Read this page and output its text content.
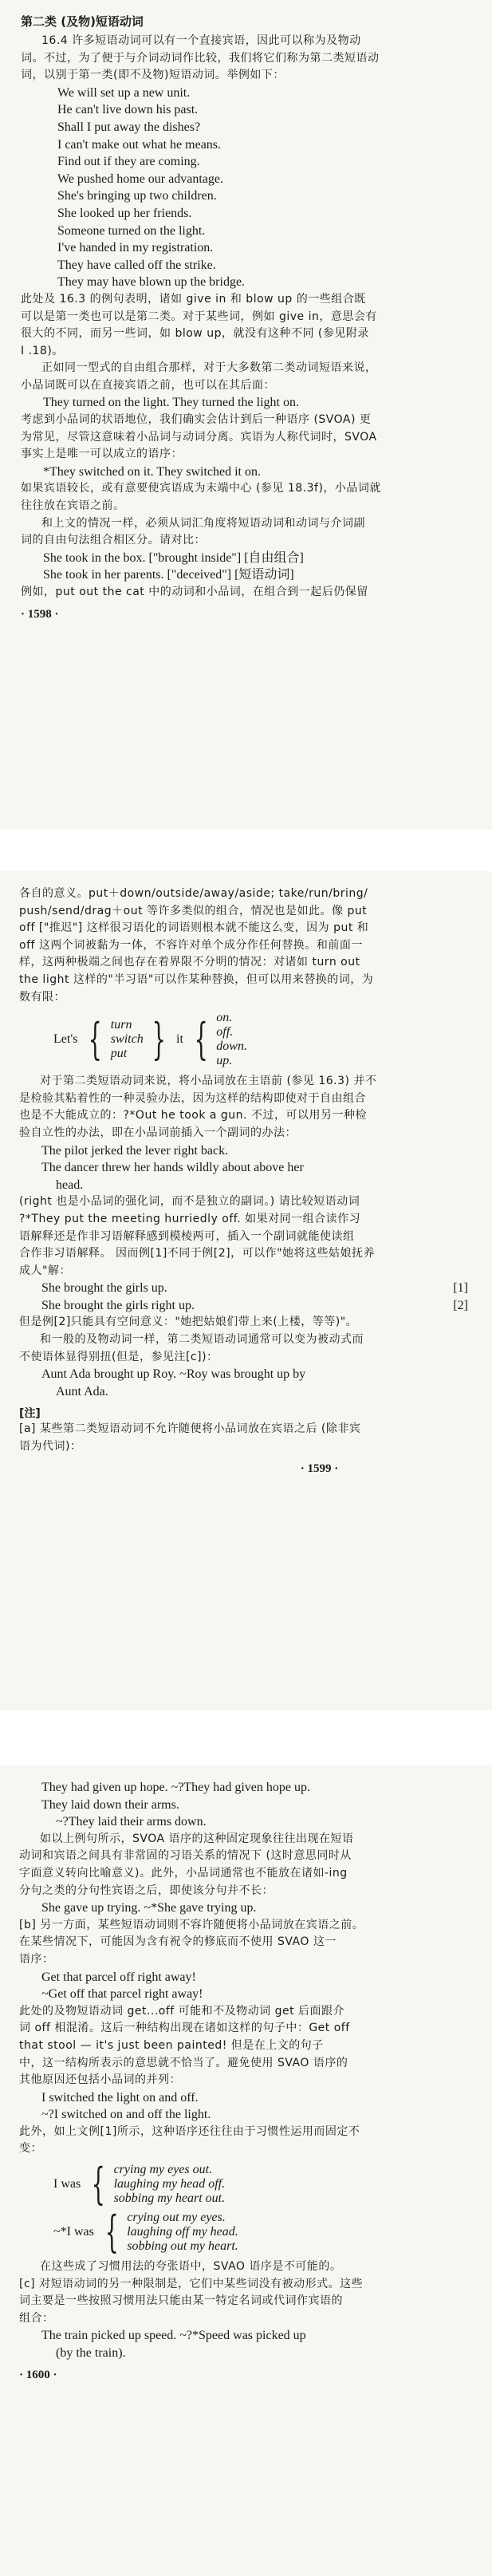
第二类 (及物)短语动词
16.4 许多短语动词可以有一个直接宾语，因此可以称为及物动
词。不过，为了便于与介词动词作比较，我们将它们称为第二类短语动
词，以别于第一类(即不及物)短语动词。举例如下：
We will set up a new unit.
He can't live down his past.
Shall I put away the dishes?
I can't make out what he means.
Find out if they are coming.
We pushed home our advantage.
She's bringing up two children.
She looked up her friends.
Someone turned on the light.
I've handed in my registration.
They have called off the strike.
They may have blown up the bridge.
此处及 16.3 的例句表明，诸如 give in 和 blow up 的一些组合既
可以是第一类也可以是第二类。对于某些词，例如 give in，意思会有
很大的不同，而另一些词，如 blow up，就没有这种不同 (参见附录
I .18)。
正如同一型式的自由组合那样，对于大多数第二类动词短语来说，
小品词既可以在直接宾语之前，也可以在其后面：
They turned on the light. They turned the light on.
考虑到小品词的状语地位，我们确实会估计到后一种语序 (SVOA) 更
为常见，尽管这意味着小品词与动词分离。宾语为人称代词时，SVOA
事实上是唯一可以成立的语序：
*They switched on it. They switched it on.
如果宾语较长，或有意要使宾语成为末端中心 (参见 18.3f)，小品词就
往往放在宾语之前。
和上文的情况一样，必须从词汇角度将短语动词和动词与介词副
词的自由句法组合相区分。请对比：
She took in the box. ["brought inside"] [自由组合]
She took in her parents. ["deceived"] [短语动词]
例如，put out the cat 中的动词和小品词，在组合到一起后仍保留
· 1598 ·
各自的意义。put＋down/outside/away/aside; take/run/bring/
push/send/drag＋out 等许多类似的组合，情况也是如此。像 put
off ["推迟"] 这样很习语化的词语则根本就不能这么变，因为 put 和
off 这两个词被黏为一体，不容许对单个成分作任何替换。和前面一
样，这两种极端之间也存在着界限不分明的情况：对诸如 turn out
the light 这样的"半习语"可以作某种替换，但可以用来替换的词，为
数有限：
Let's { turn
switch
put } it { on.
off.
down.
up.
对于第二类短语动词来说，将小品词放在主语前 (参见 16.3) 并不
是检验其粘着性的一种灵验办法，因为这样的结构即使对于自由组合
也是不大能成立的：?*Out he took a gun. 不过，可以用另一种检
验自立性的办法，即在小品词前插入一个副词的办法：
The pilot jerked the lever right back.
The dancer threw her hands wildly about above her
head.
(right 也是小品词的强化词，而不是独立的副词。) 请比较短语动词
?*They put the meeting hurriedly off. 如果对同一组合读作习
语解释还是作非习语解释感到模棱两可，插入一个副词就能使读组
合作非习语解释。 因而例[1]不同于例[2]，可以作"她将这些姑娘抚养
成人"解：
She brought the girls up.	[1]
She brought the girls right up.	[2]
但是例[2]只能具有空间意义："她把姑娘们带上来(上楼，等等)"。
和一般的及物动词一样，第二类短语动词通常可以变为被动式而
不使语体显得别扭(但是，参见注[c])：
Aunt Ada brought up Roy. ~Roy was brought up by
Aunt Ada.
[注]
[a] 某些第二类短语动词不允许随便将小品词放在宾语之后 (除非宾
语为代词)：
· 1599 ·
They had given up hope. ~?They had given hope up.
They laid down their arms.
~?They laid their arms down.
如以上例句所示，SVOA 语序的这种固定现象往往出现在短语
动词和宾语之间具有非常固的习语关系的情况下 (这时意思同时从
字面意义转向比喻意义)。此外，小品词通常也不能放在诸如-ing
分句之类的分句性宾语之后，即使该分句并不长：
She gave up trying. ~*She gave trying up.
[b] 另一方面，某些短语动词则不容许随便将小品词放在宾语之前。
在某些情况下，可能因为含有祝令的修底而不使用 SVAO 这一
语序：
Get that parcel off right away!
~Get off that parcel right away!
此处的及物短语动词 get...off 可能和不及物动词 get 后面跟介
词 off 相混淆。这后一种结构出现在诸如这样的句子中：Get off
that stool — it's just been painted! 但是在上文的句子
中，这一结构所表示的意思就不恰当了。避免使用 SVAO 语序的
其他原因还包括小品词的并列：
I switched the light on and off.
~?I switched on and off the light.
此外，如上文例[1]所示，这种语序还往往由于习惯性运用而固定不
变：
I was { crying my eyes out.
laughing my head off.
sobbing my heart out.
~*I was { crying out my eyes.
laughing off my head.
sobbing out my heart.
在这些成了习惯用法的夸张语中，SVAO 语序是不可能的。
[c] 对短语动词的另一种限制是，它们中某些词没有被动形式。这些
词主要是一些按照习惯用法只能由某一特定名词或代词作宾语的
组合：
The train picked up speed. ~?*Speed was picked up
(by the train).
· 1600 ·
